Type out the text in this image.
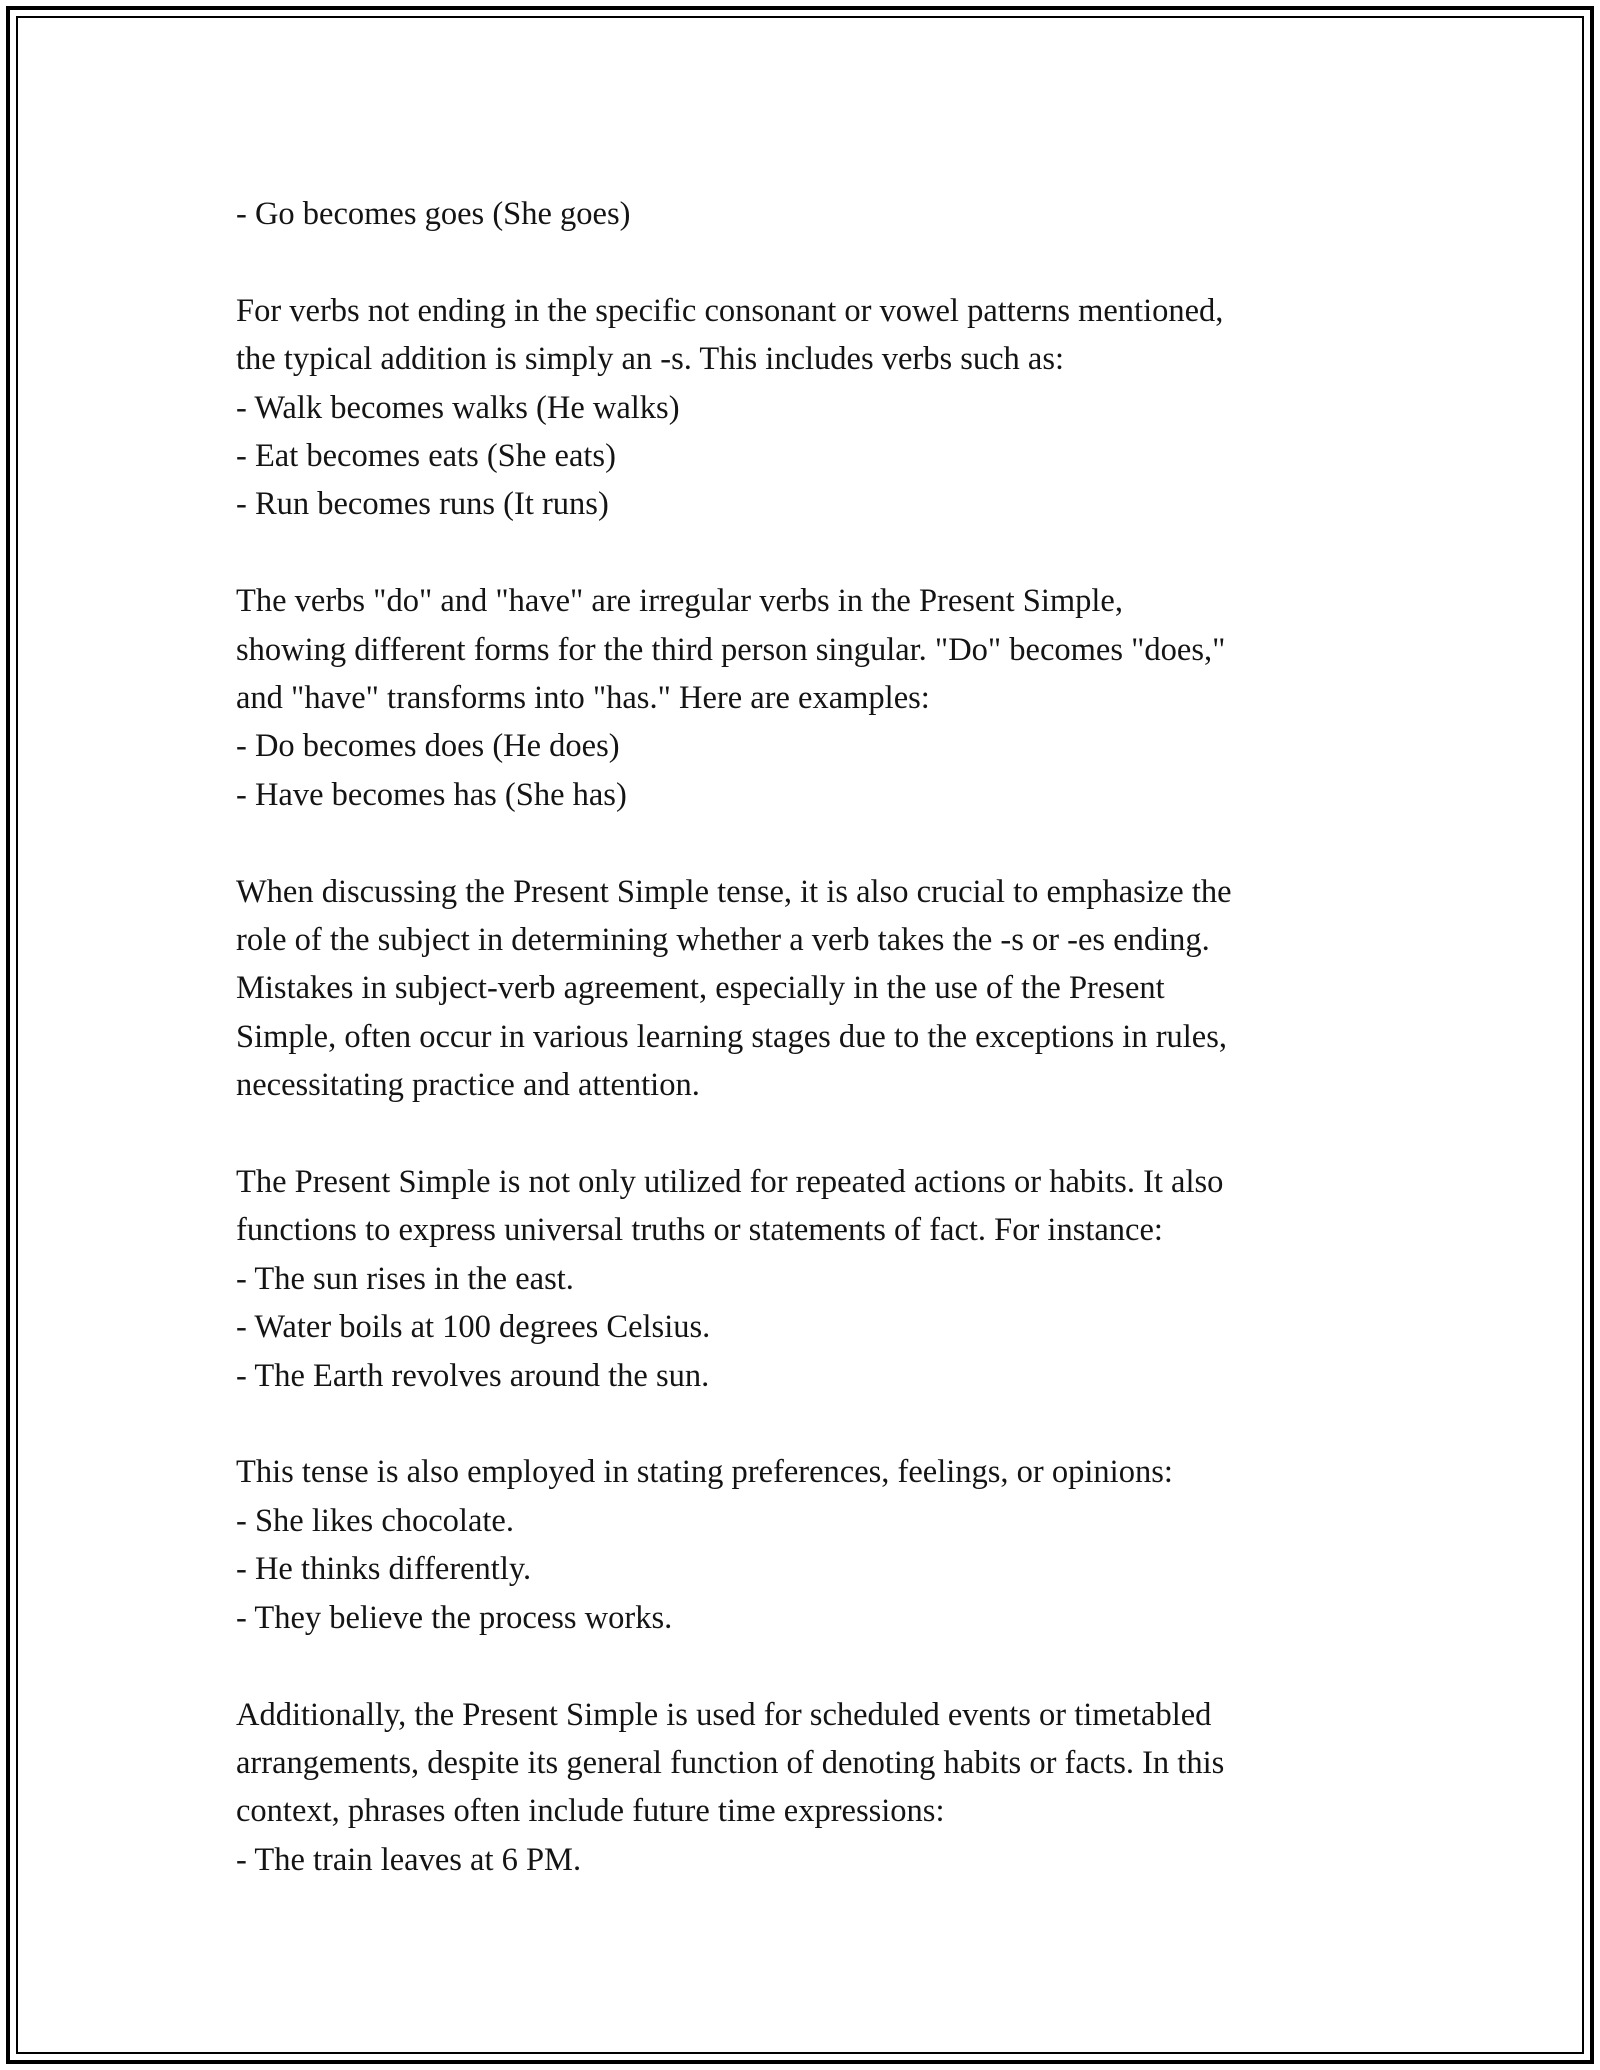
- Go becomes goes (She goes)
For verbs not ending in the specific consonant or vowel patterns mentioned,
the typical addition is simply an -s. This includes verbs such as:
- Walk becomes walks (He walks)
- Eat becomes eats (She eats)
- Run becomes runs (It runs)
The verbs "do" and "have" are irregular verbs in the Present Simple,
showing different forms for the third person singular. "Do" becomes "does,"
and "have" transforms into "has." Here are examples:
- Do becomes does (He does)
- Have becomes has (She has)
When discussing the Present Simple tense, it is also crucial to emphasize the
role of the subject in determining whether a verb takes the -s or -es ending.
Mistakes in subject-verb agreement, especially in the use of the Present
Simple, often occur in various learning stages due to the exceptions in rules,
necessitating practice and attention.
The Present Simple is not only utilized for repeated actions or habits. It also
functions to express universal truths or statements of fact. For instance:
- The sun rises in the east.
- Water boils at 100 degrees Celsius.
- The Earth revolves around the sun.
This tense is also employed in stating preferences, feelings, or opinions:
- She likes chocolate.
- He thinks differently.
- They believe the process works.
Additionally, the Present Simple is used for scheduled events or timetabled
arrangements, despite its general function of denoting habits or facts. In this
context, phrases often include future time expressions:
- The train leaves at 6 PM.
